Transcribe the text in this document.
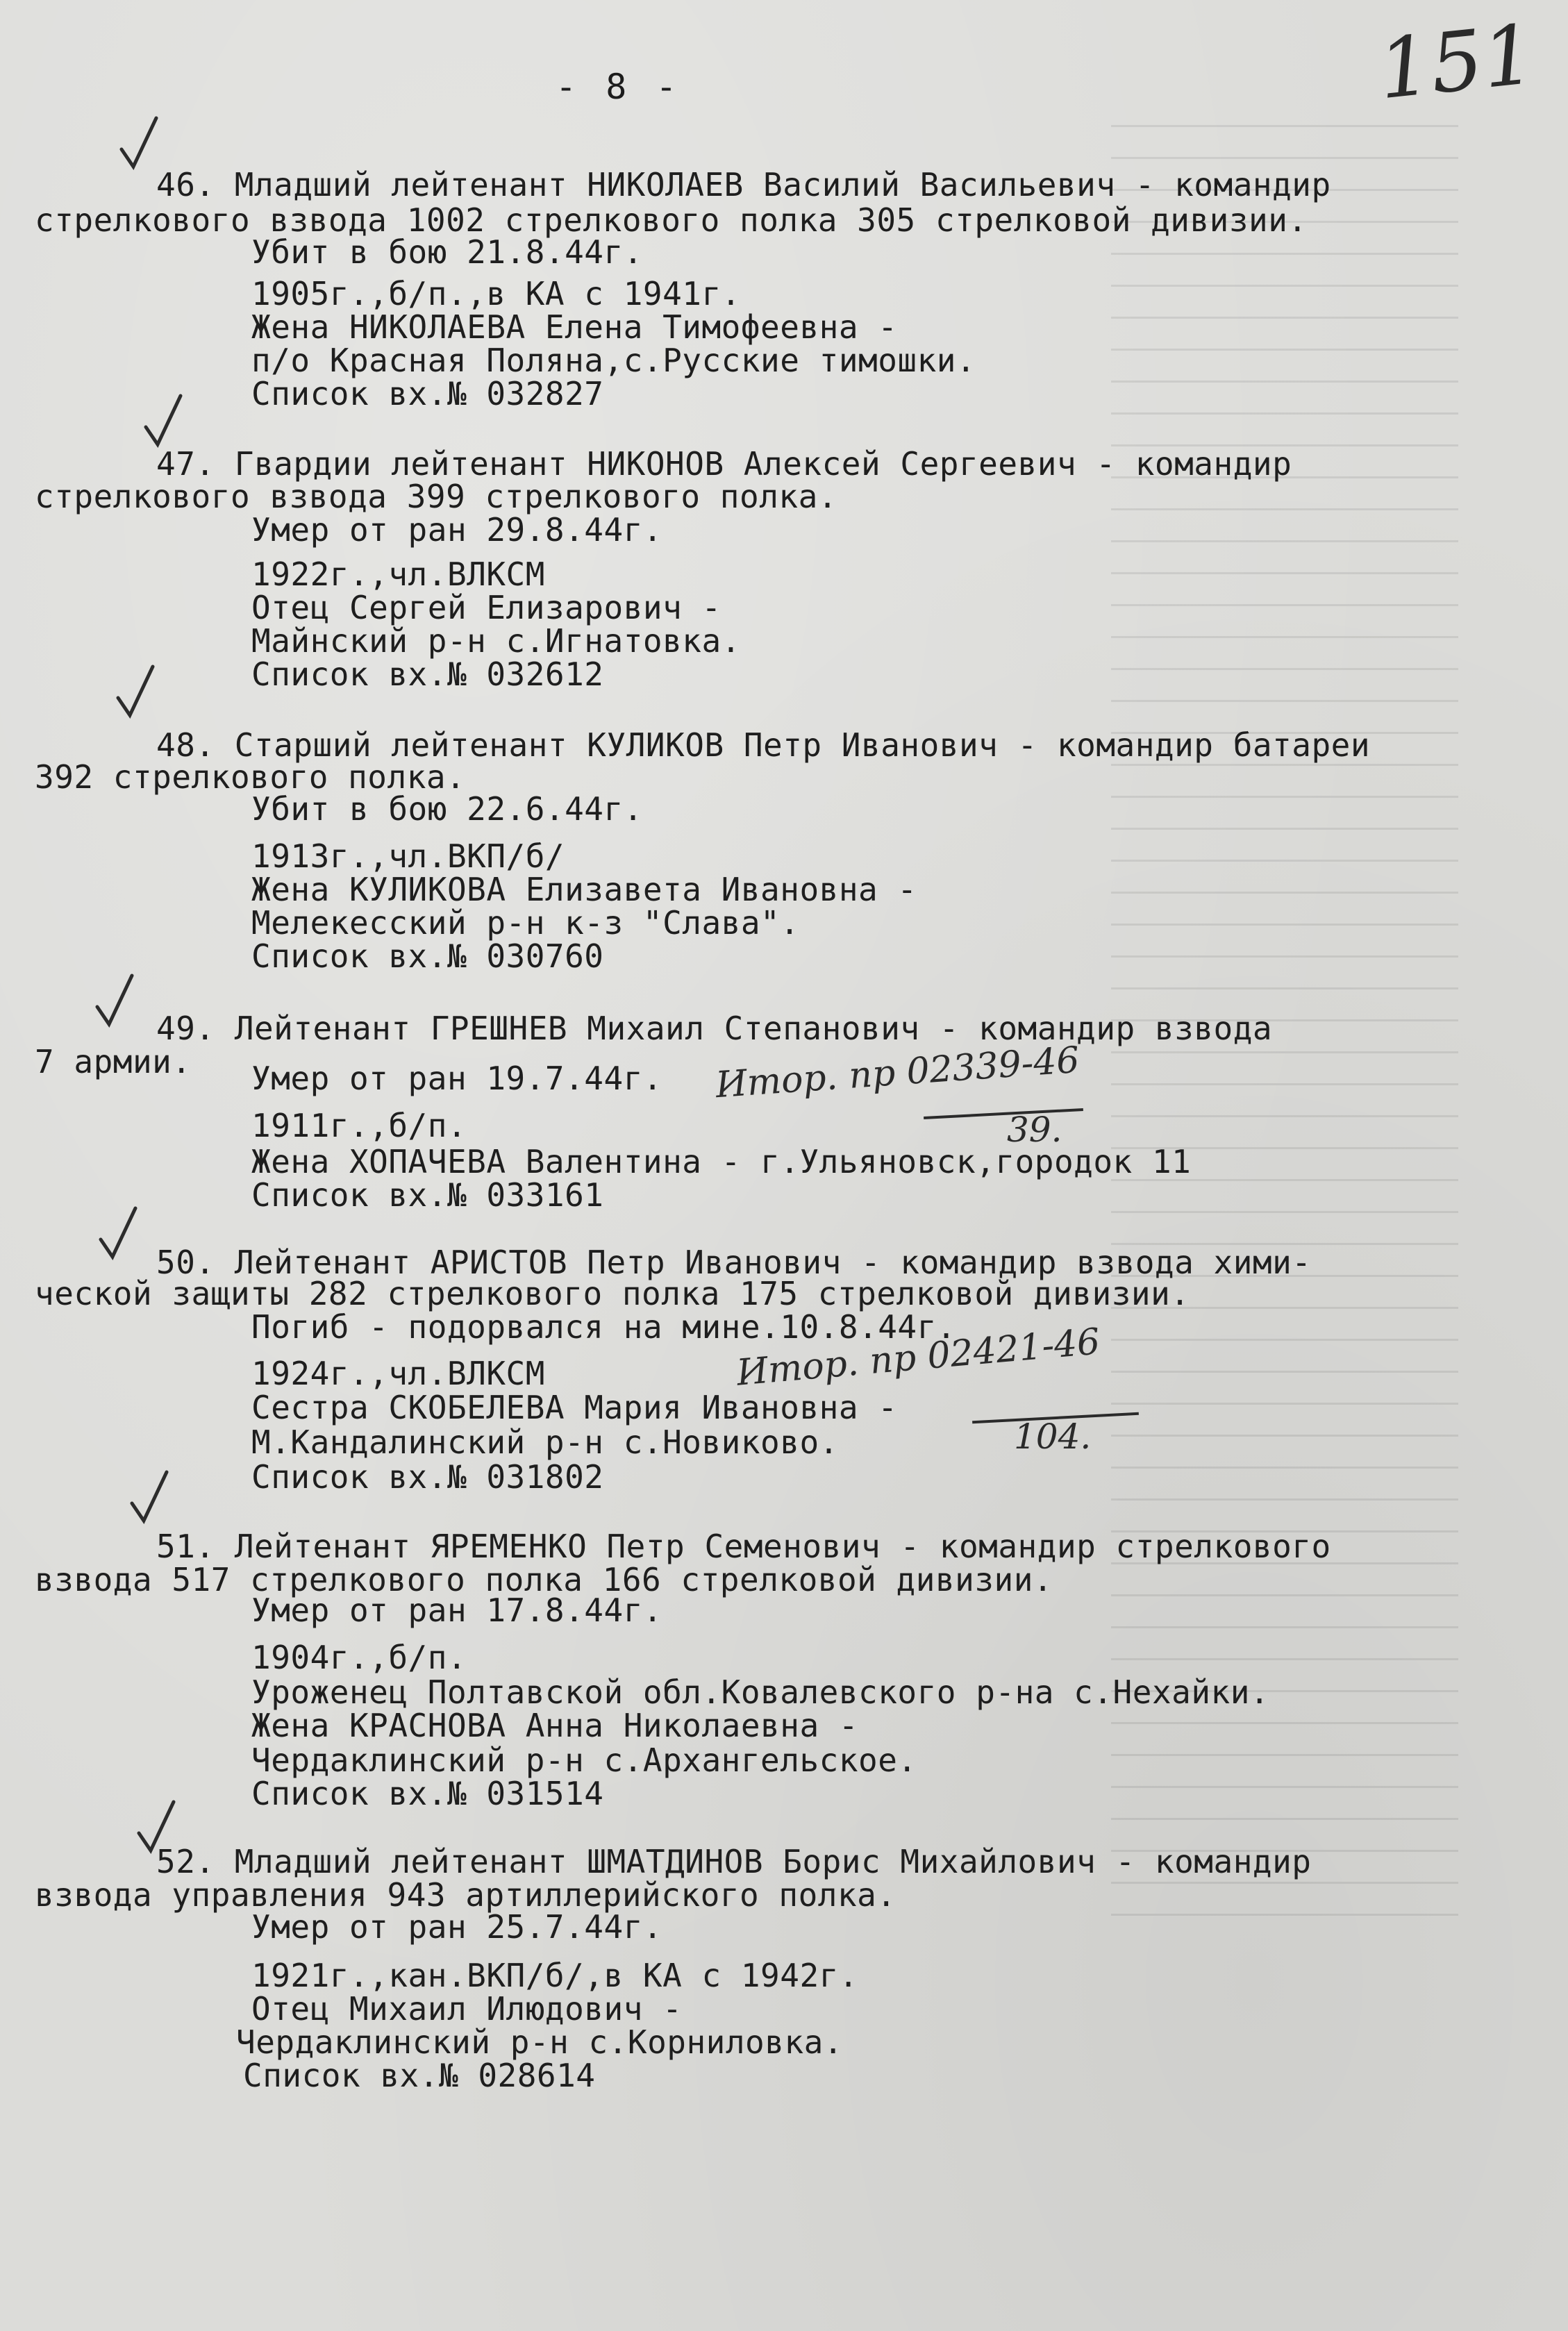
- 8 -	151
46. Младший лейтенант НИКОЛАЕВ Василий Васильевич - командир
стрелкового взвода 1002 стрелкового полка 305 стрелковой дивизии.
Убит в бою 21.8.44г.
1905г.,б/п.,в КА с 1941г.
Жена НИКОЛАЕВА Елена Тимофеевна -
п/о Красная Поляна,с.Русские тимошки.
Список вх.№ 032827
47. Гвардии лейтенант НИКОНОВ Алексей Сергеевич - командир
стрелкового взвода 399 стрелкового полка.
Умер от ран 29.8.44г.
1922г.,чл.ВЛКСМ
Отец Сергей Елизарович -
Майнский р-н с.Игнатовка.
Список вх.№ 032612
48. Старший лейтенант КУЛИКОВ Петр Иванович - командир батареи
392 стрелкового полка.
Убит в бою 22.6.44г.
1913г.,чл.ВКП/б/
Жена КУЛИКОВА Елизавета Ивановна -
Мелекесский р-н к-з "Слава".
Список вх.№ 030760
49. Лейтенант ГРЕШНЕВ Михаил Степанович - командир взвода
7 армии. Умер от ран 19.7.44г. Итор. пр 02339-46
39.
1911г.,б/п.
Жена ХОПАЧЕВА Валентина - г.Ульяновск,городок 11
Список вх.№ 033161
50. Лейтенант АРИСТОВ Петр Иванович - командир взвода хими-
ческой защиты 282 стрелкового полка 175 стрелковой дивизии.
Погиб - подорвался на мине.10.8.44г.
Итор. пр 02421-46
104.
1924г.,чл.ВЛКСМ
Сестра СКОБЕЛЕВА Мария Ивановна -
М.Кандалинский р-н с.Новиково.
Список вх.№ 031802
51. Лейтенант ЯРЕМЕНКО Петр Семенович - командир стрелкового
взвода 517 стрелкового полка 166 стрелковой дивизии.
Умер от ран 17.8.44г.
1904г.,б/п.
Уроженец Полтавской обл.Ковалевского р-на с.Нехайки.
Жена КРАСНОВА Анна Николаевна -
Чердаклинский р-н с.Архангельское.
Список вх.№ 031514
52. Младший лейтенант ШМАТДИНОВ Борис Михайлович - командир
взвода управления 943 артиллерийского полка.
Умер от ран 25.7.44г.
1921г.,кан.ВКП/б/,в КА с 1942г.
Отец Михаил Илюдович -
Чердаклинский р-н с.Корниловка.
Список вх.№ 028614
